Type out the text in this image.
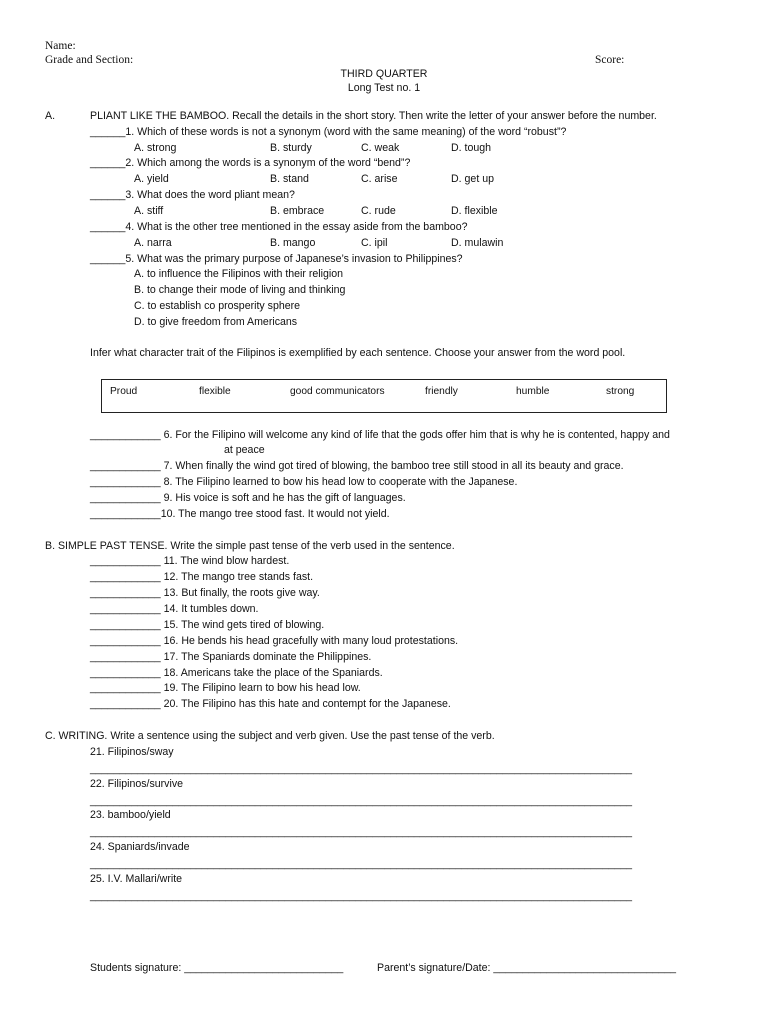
Name:
Grade and Section:	Score:
THIRD QUARTER
Long Test no. 1
A.	PLIANT LIKE THE BAMBOO. Recall the details in the short story. Then write the letter of your answer before the number.
______1. Which of these words is not a synonym (word with the same meaning) of the word “robust”?
A. strong	B. sturdy	C. weak	D. tough
______2. Which among the words is a synonym of the word “bend”?
A. yield	B. stand	C. arise	D. get up
______3. What does the word pliant mean?
A. stiff	B. embrace	C. rude	D. flexible
______4. What is the other tree mentioned in the essay aside from the bamboo?
A. narra	B. mango	C. ipil	D. mulawin
______5. What was the primary purpose of Japanese’s invasion to Philippines?
A. to influence the Filipinos with their religion
B. to change their mode of living and thinking
C. to establish co prosperity sphere
D. to give freedom from Americans
Infer what character trait of the Filipinos is exemplified by each sentence. Choose your answer from the word pool.
Proud	flexible	good communicators	friendly	humble	strong
____________ 6. For the Filipino will welcome any kind of life that the gods offer him that is why he is contented, happy and
at peace
____________ 7. When finally the wind got tired of blowing, the bamboo tree still stood in all its beauty and grace.
____________ 8. The Filipino learned to bow his head low to cooperate with the Japanese.
____________ 9. His voice is soft and he has the gift of languages.
____________10. The mango tree stood fast. It would not yield.
B. SIMPLE PAST TENSE. Write the simple past tense of the verb used in the sentence.
____________ 11. The wind blow hardest.
____________ 12. The mango tree stands fast.
____________ 13. But finally, the roots give way.
____________ 14. It tumbles down.
____________ 15. The wind gets tired of blowing.
____________ 16. He bends his head gracefully with many loud protestations.
____________ 17. The Spaniards dominate the Philippines.
____________ 18. Americans take the place of the Spaniards.
____________ 19. The Filipino learn to bow his head low.
____________ 20. The Filipino has this hate and contempt for the Japanese.
C. WRITING. Write a sentence using the subject and verb given. Use the past tense of the verb.
21. Filipinos/sway
____________________________________________________________________________________________
22. Filipinos/survive
____________________________________________________________________________________________
23. bamboo/yield
____________________________________________________________________________________________
24. Spaniards/invade
____________________________________________________________________________________________
25. I.V. Mallari/write
____________________________________________________________________________________________
Students signature: ___________________________	Parent’s signature/Date: _______________________________
